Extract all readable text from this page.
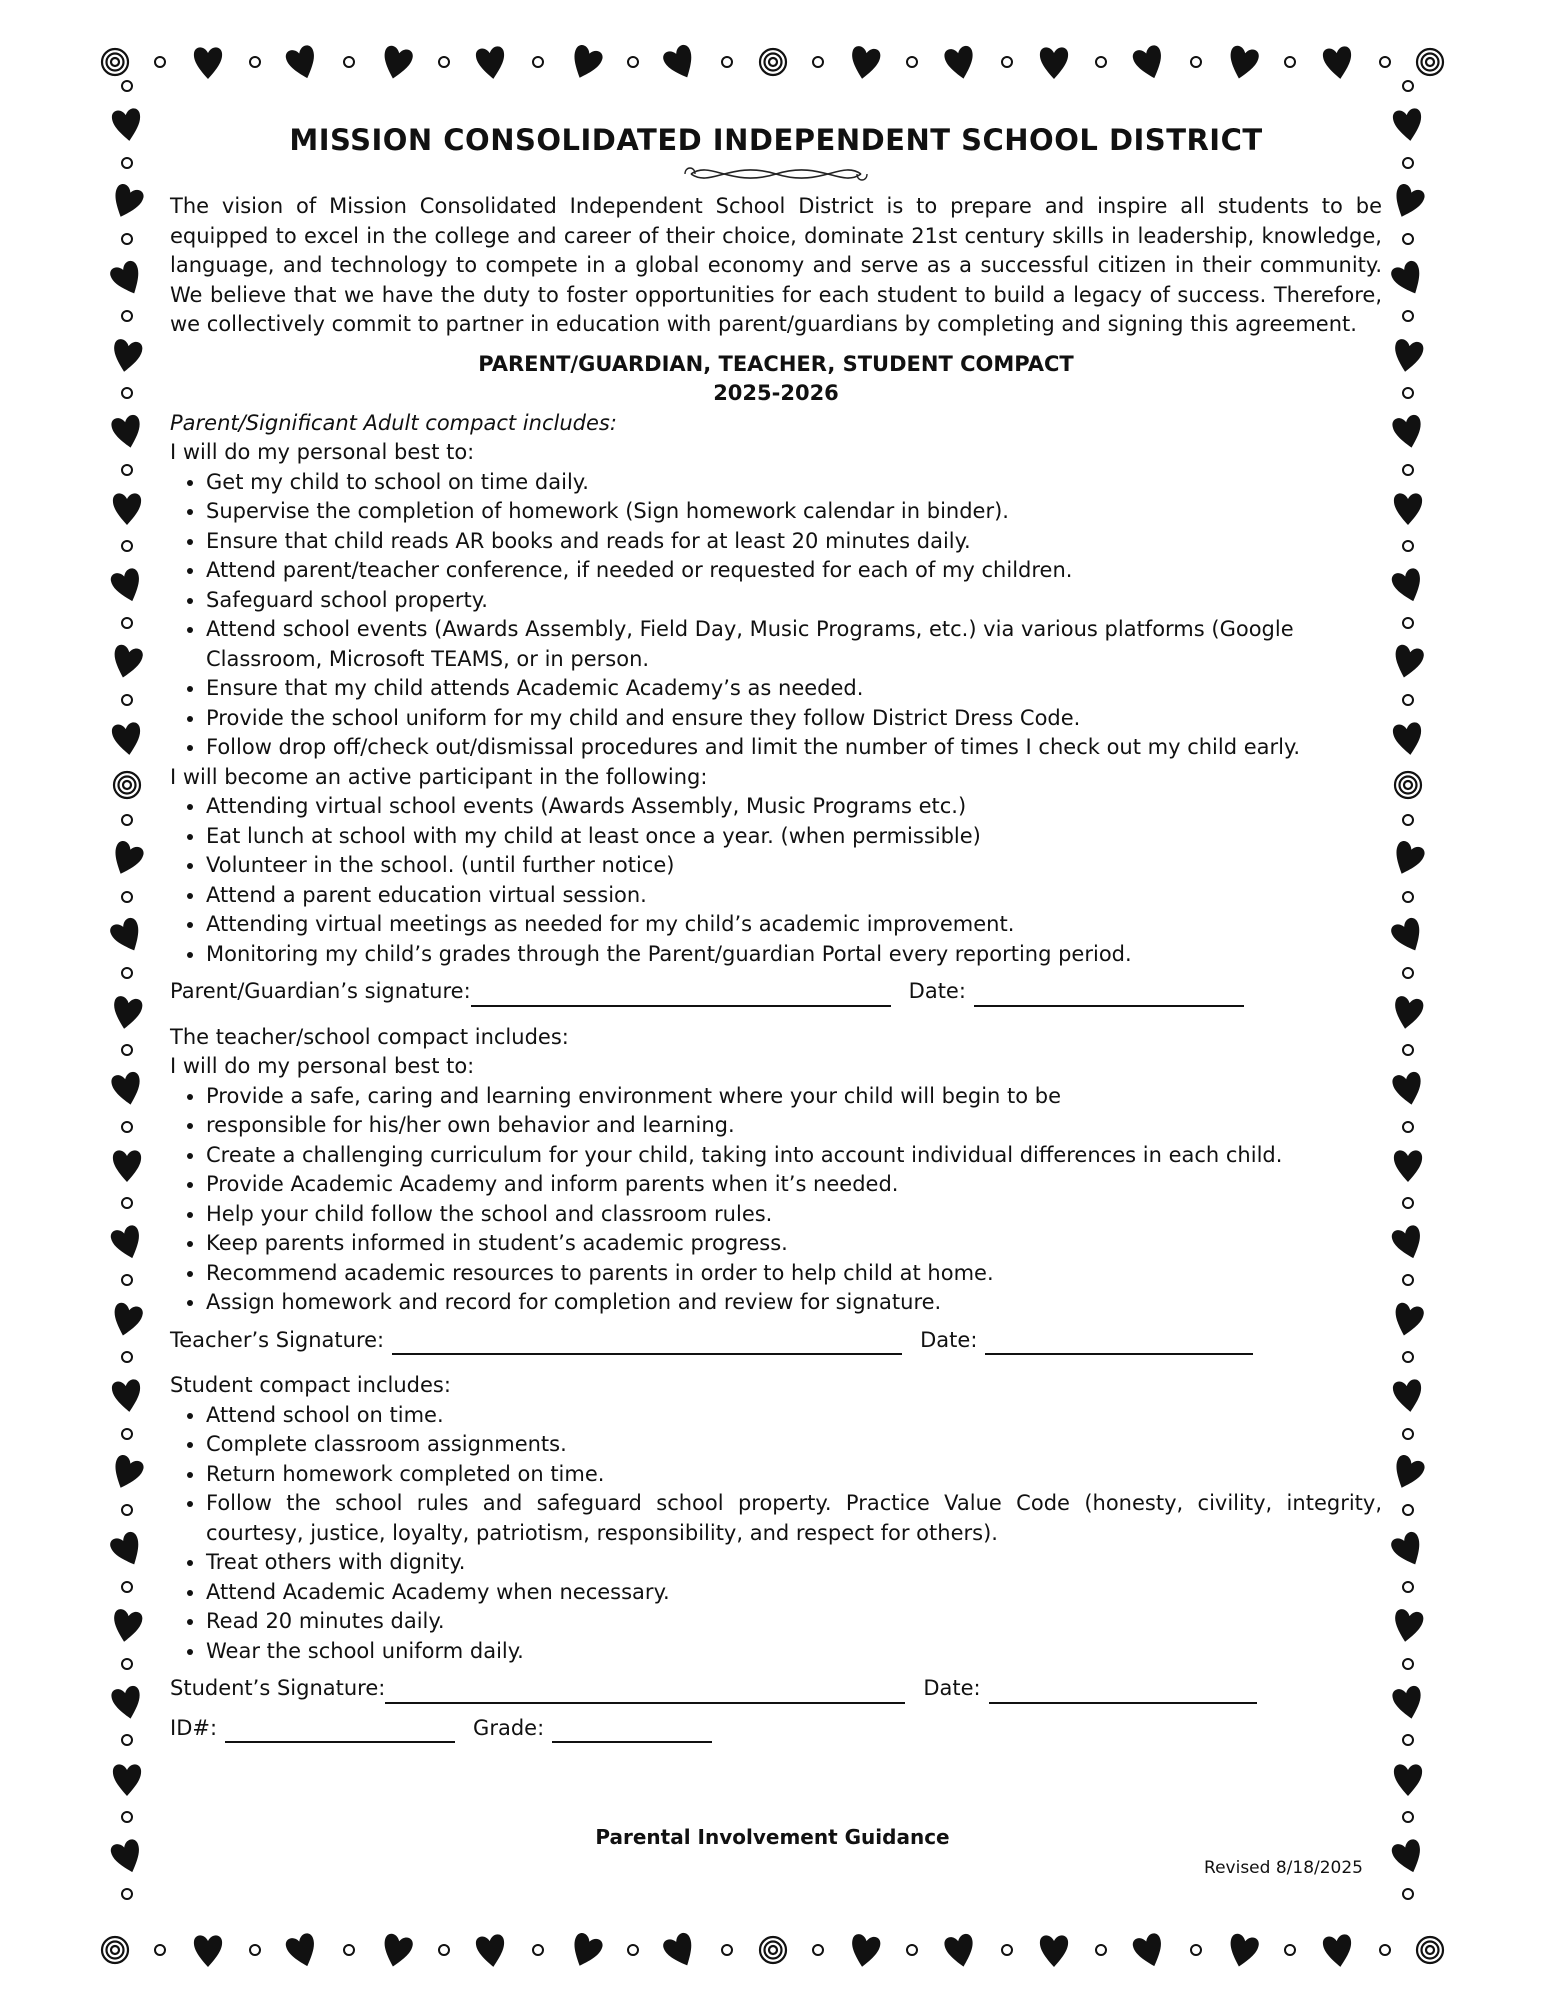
MISSION CONSOLIDATED INDEPENDENT SCHOOL DISTRICT

The vision of Mission Consolidated Independent School District is to prepare and inspire all students to be equipped to excel in the college and career of their choice, dominate 21st century skills in leadership, knowledge, language, and technology to compete in a global economy and serve as a successful citizen in their community. We believe that we have the duty to foster opportunities for each student to build a legacy of success. Therefore, we collectively commit to partner in education with parent/guardians by completing and signing this agreement.

PARENT/GUARDIAN, TEACHER, STUDENT COMPACT

2025-2026

Parent/Significant Adult compact includes:

I will do my personal best to:

• Get my child to school on time daily.
• Supervise the completion of homework (Sign homework calendar in binder).
• Ensure that child reads AR books and reads for at least 20 minutes daily.
• Attend parent/teacher conference, if needed or requested for each of my children.
• Safeguard school property.
• Attend school events (Awards Assembly, Field Day, Music Programs, etc.) via various platforms (Google Classroom, Microsoft TEAMS, or in person.
• Ensure that my child attends Academic Academy’s as needed.
• Provide the school uniform for my child and ensure they follow District Dress Code.
• Follow drop off/check out/dismissal procedures and limit the number of times I check out my child early.

I will become an active participant in the following:

• Attending virtual school events (Awards Assembly, Music Programs etc.)
• Eat lunch at school with my child at least once a year. (when permissible)
• Volunteer in the school. (until further notice)
• Attend a parent education virtual session.
• Attending virtual meetings as needed for my child’s academic improvement.
• Monitoring my child’s grades through the Parent/guardian Portal every reporting period.
Parent/Guardian’s signature:	Date:

The teacher/school compact includes:

I will do my personal best to:

• Provide a safe, caring and learning environment where your child will begin to be
• responsible for his/her own behavior and learning.
• Create a challenging curriculum for your child, taking into account individual differences in each child.
• Provide Academic Academy and inform parents when it’s needed.
• Help your child follow the school and classroom rules.
• Keep parents informed in student’s academic progress.
• Recommend academic resources to parents in order to help child at home.
• Assign homework and record for completion and review for signature.
Teacher’s Signature:	Date:

Student compact includes:

• Attend school on time.
• Complete classroom assignments.
• Return homework completed on time.
• Follow the school rules and safeguard school property. Practice Value Code (honesty, civility, integrity, courtesy, justice, loyalty, patriotism, responsibility, and respect for others).
• Treat others with dignity.
• Attend Academic Academy when necessary.
• Read 20 minutes daily.
• Wear the school uniform daily.
Student’s Signature:	Date:
ID#:	Grade:
Parental Involvement Guidance
Revised 8/18/2025
